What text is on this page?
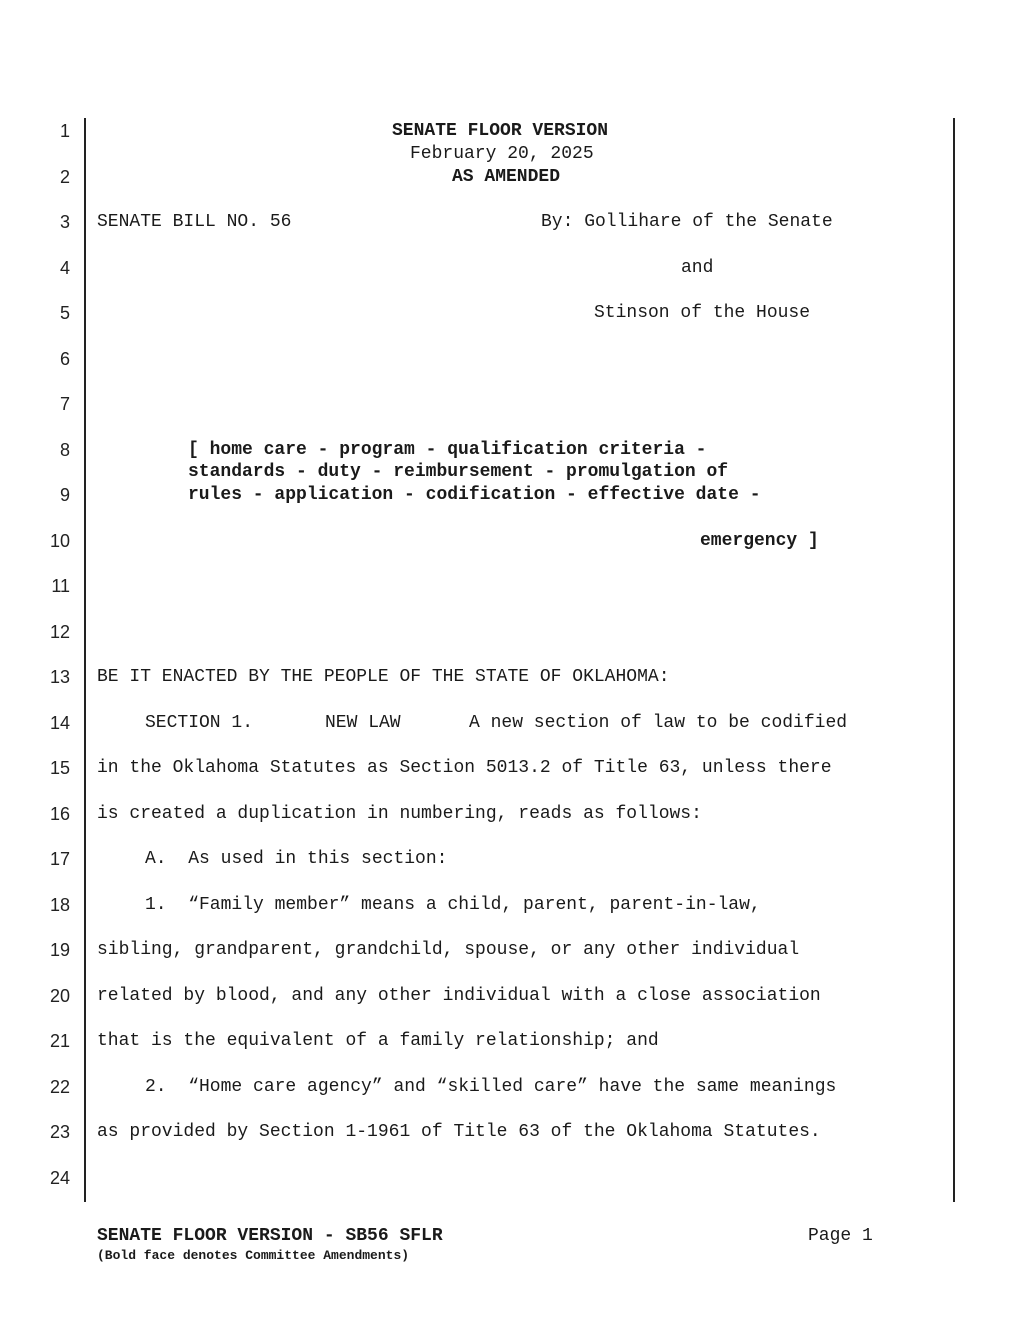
1
2
3
4
5
6
7
8
9
10
11
12
13
14
15
16
17
18
19
20
21
22
23
24
SENATE FLOOR VERSION
February 20, 2025
AS AMENDED
SENATE BILL NO. 56	By: Gollihare of the Senate
and
Stinson of the House
[ home care - program - qualification criteria -
standards - duty - reimbursement - promulgation of
rules - application - codification - effective date -
emergency ]
BE IT ENACTED BY THE PEOPLE OF THE STATE OF OKLAHOMA:
SECTION 1.	NEW LAW	A new section of law to be codified
in the Oklahoma Statutes as Section 5013.2 of Title 63, unless there
is created a duplication in numbering, reads as follows:
A.  As used in this section:
1.  “Family member” means a child, parent, parent-in-law,
sibling, grandparent, grandchild, spouse, or any other individual
related by blood, and any other individual with a close association
that is the equivalent of a family relationship; and
2.  “Home care agency” and “skilled care” have the same meanings
as provided by Section 1-1961 of Title 63 of the Oklahoma Statutes.
SENATE FLOOR VERSION - SB56 SFLR	Page 1
(Bold face denotes Committee Amendments)
